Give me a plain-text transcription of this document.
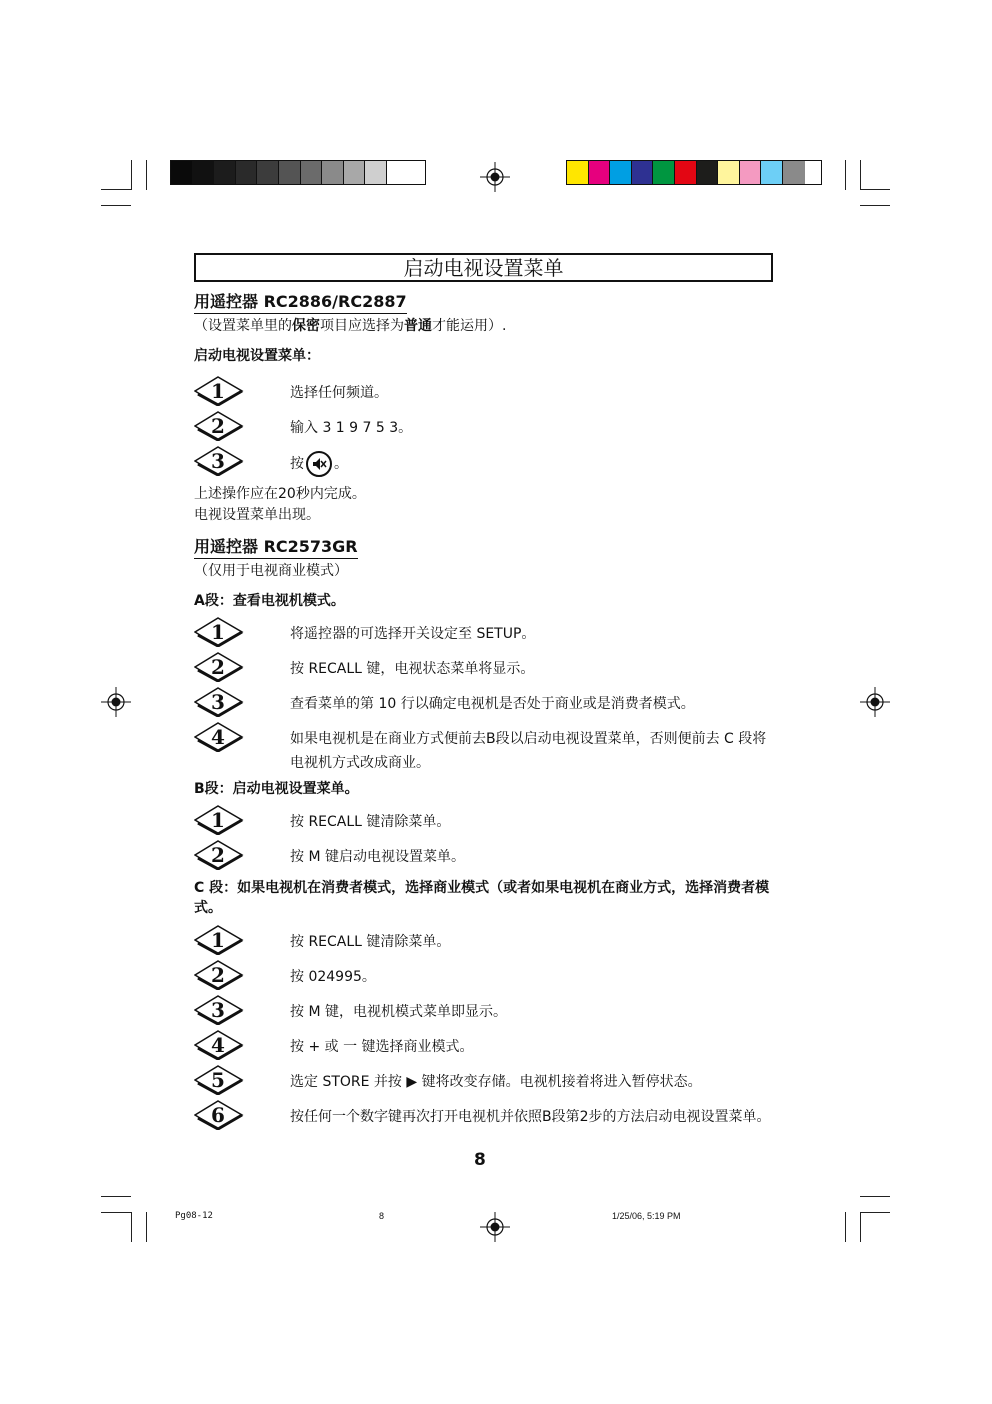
启动电视设置菜单
用遥控器 RC2886/RC2887
（设置菜单里的保密项目应选择为普通才能运用）.
启动电视设置菜单：
1	选择任何频道。
2	输入 3 1 9 7 5 3。
3	按 。
上述操作应在20秒内完成。
电视设置菜单出现。
用遥控器 RC2573GR
（仅用于电视商业模式）
A段：查看电视机模式。
1	将遥控器的可选择开关设定至 SETUP。
2	按 RECALL 键，电视状态菜单将显示。
3	查看菜单的第 10 行以确定电视机是否处于商业或是消费者模式。
4	如果电视机是在商业方式便前去B段以启动电视设置菜单，否则便前去 C 段将电视机方式改成商业。
B段：启动电视设置菜单。
1	按 RECALL 键清除菜单。
2	按 M 键启动电视设置菜单。
C 段：如果电视机在消费者模式，选择商业模式（或者如果电视机在商业方式，选择消费者模式。
1	按 RECALL 键清除菜单。
2	按 024995。
3	按 M 键，电视机模式菜单即显示。
4	按 + 或 一 键选择商业模式。
5	选定 STORE 并按 ▶ 键将改变存储。电视机接着将进入暂停状态。
6	按任何一个数字键再次打开电视机并依照B段第2步的方法启动电视设置菜单。
8
Pg08-12	8	1/25/06, 5:19 PM
